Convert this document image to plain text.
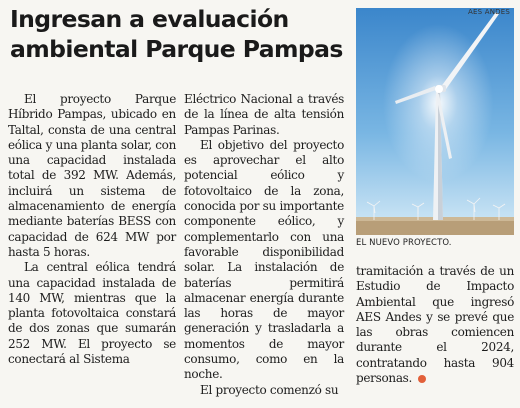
Ingresan a evaluación ambiental Parque Pampas

El proyecto Parque Híbrido Pampas, ubicado en Taltal, consta de una central eólica y una planta solar, con una capacidad instalada total de 392 MW. Además, incluirá un sistema de almacenamiento de energía mediante baterías BESS con capacidad de 624 MW por hasta 5 horas.

La central eólica tendrá una capacidad instalada de 140 MW, mientras que la planta fotovoltaica constará de dos zonas que sumarán 252 MW. El proyecto se conectará al Sistema

Eléctrico Nacional a través de la línea de alta tensión Pampas Parinas.

El objetivo del proyecto es aprovechar el alto potencial eólico y fotovoltaico de la zona, conocida por su importante componente eólico, y complementarlo con una favorable disponibilidad solar. La instalación de baterías permitirá almacenar energía durante las horas de mayor generación y trasladarla a momentos de mayor consumo, como en la noche.

El proyecto comenzó su

AES ANDES
EL NUEVO PROYECTO.

tramitación a través de un Estudio de Impacto Ambiental que ingresó AES Andes y se prevé que las obras comiencen durante el 2024, contratando hasta 904 personas.
